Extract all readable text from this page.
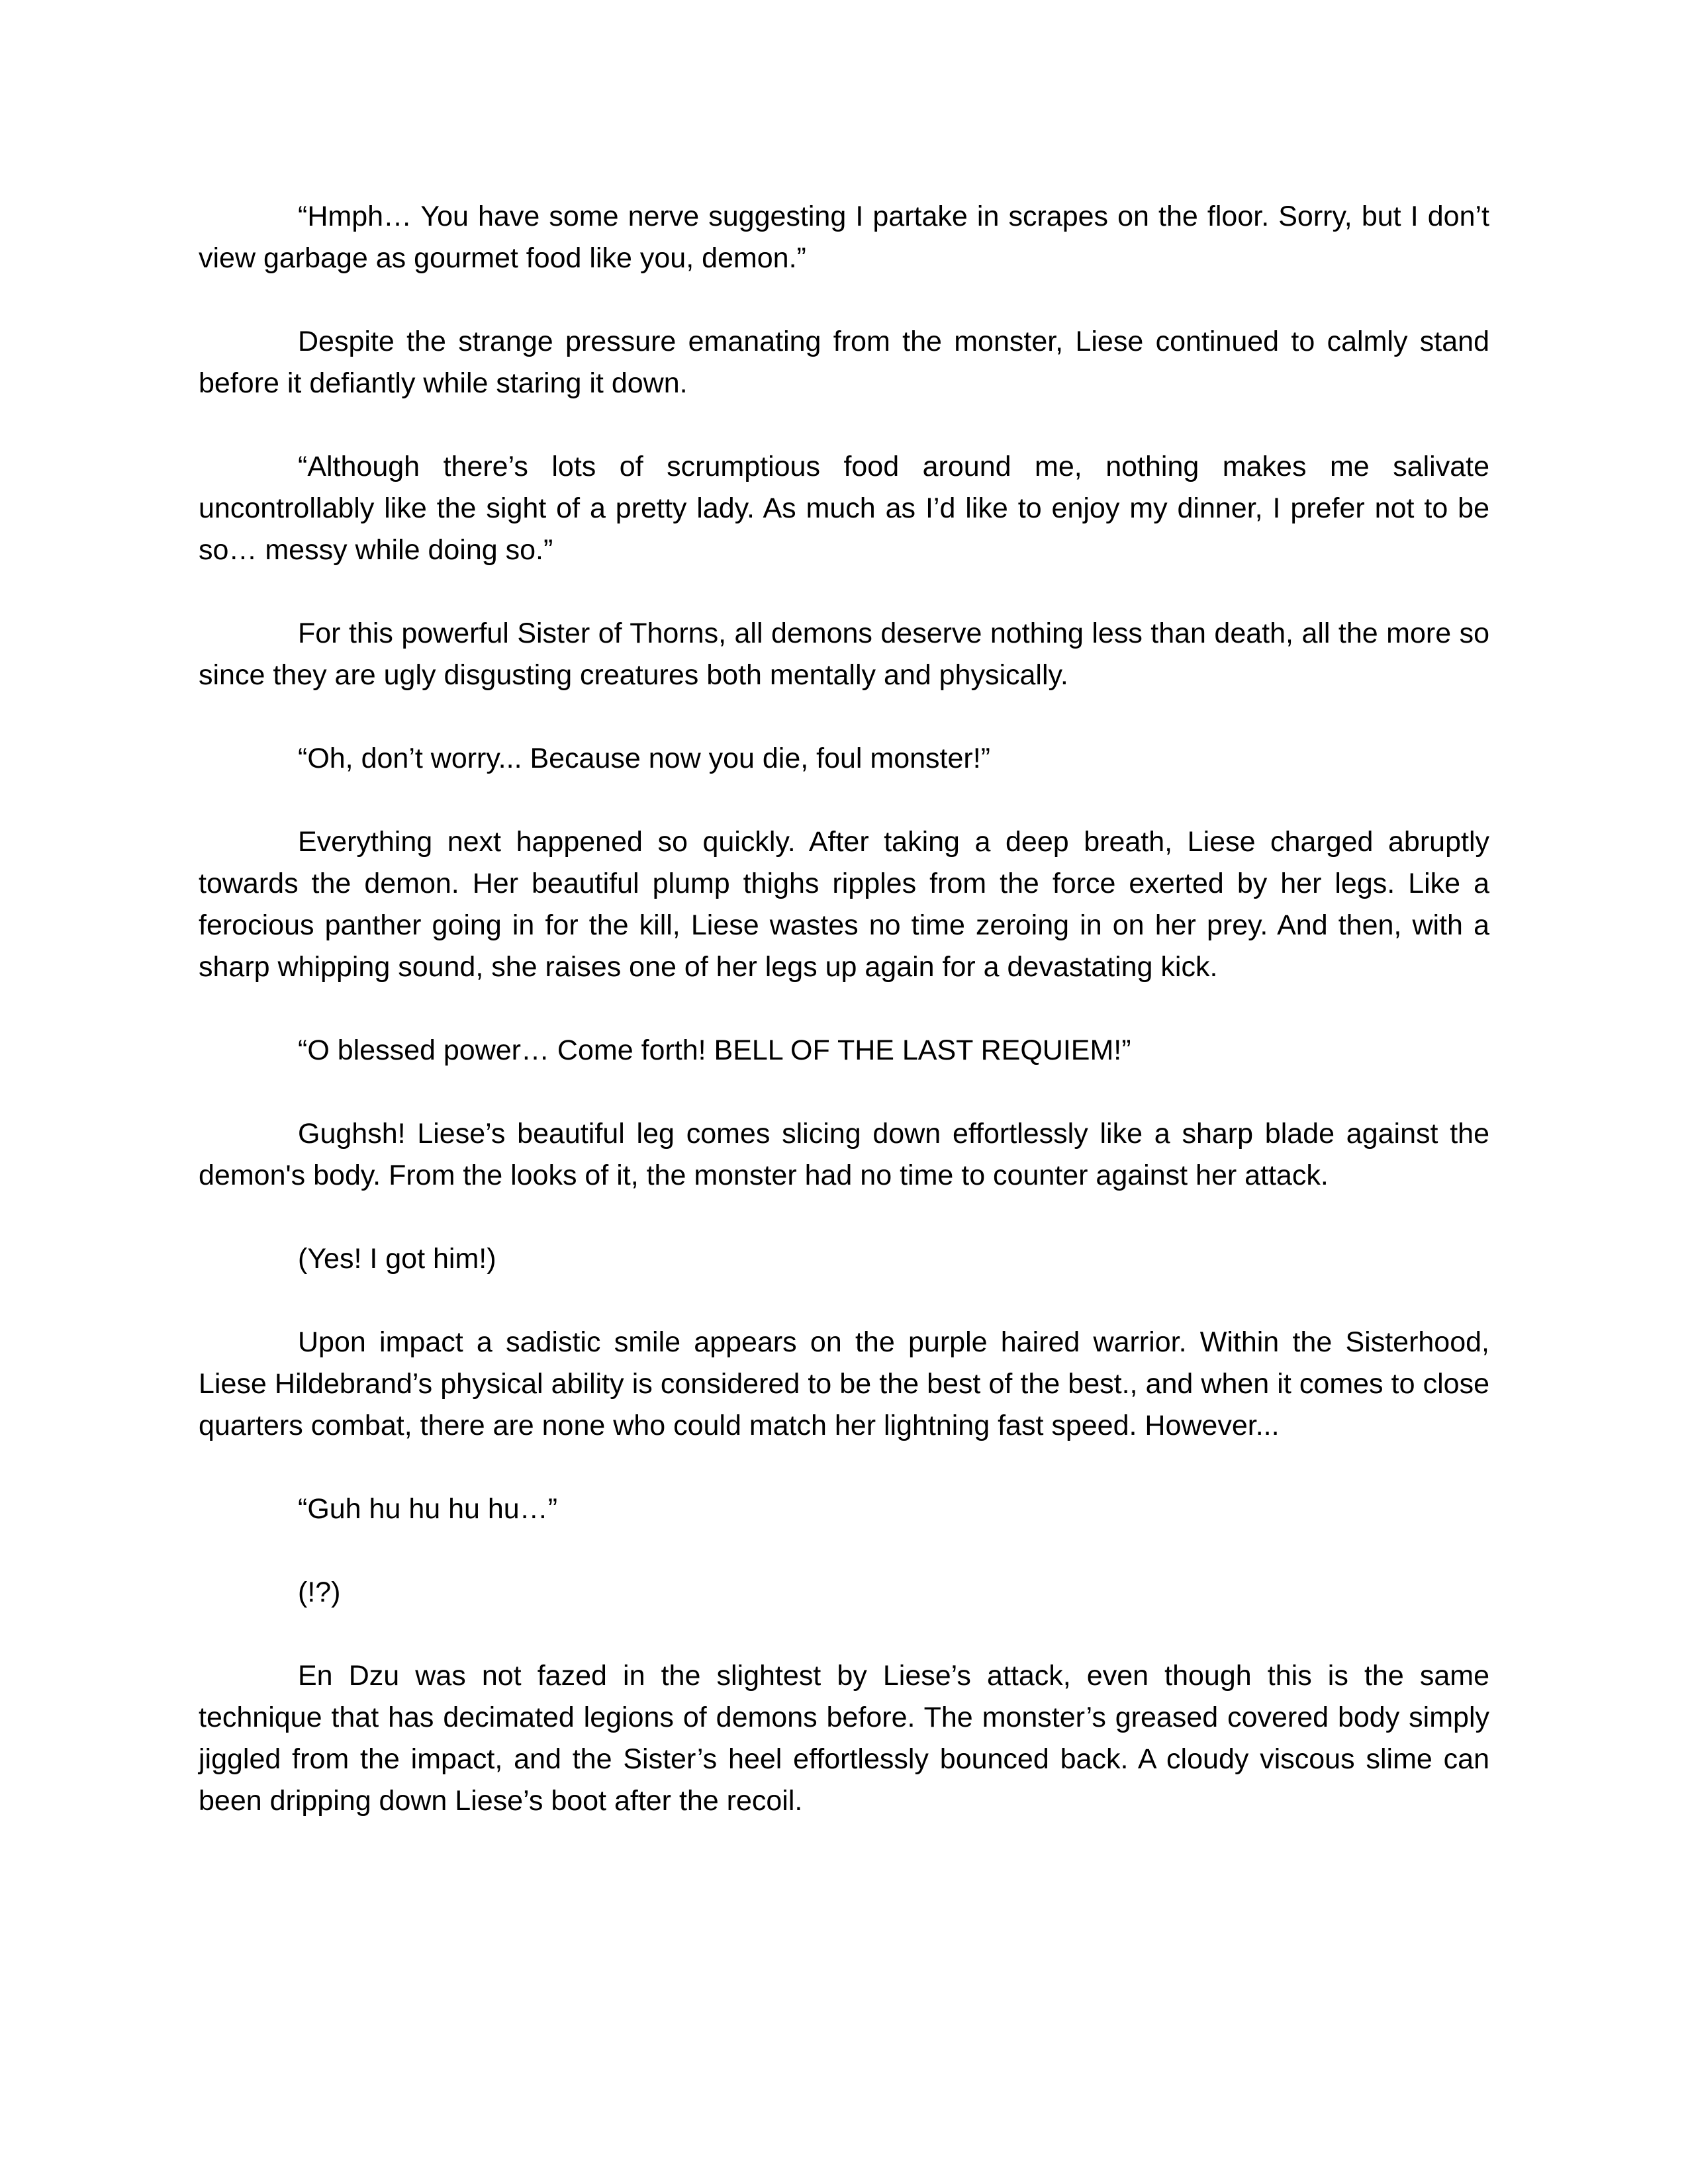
“Hmph… You have some nerve suggesting I partake in scrapes on the floor. Sorry, but I don’t view garbage as gourmet food like you, demon.”

Despite the strange pressure emanating from the monster, Liese continued to calmly stand before it defiantly while staring it down.

“Although there’s lots of scrumptious food around me, nothing makes me salivate uncontrollably like the sight of a pretty lady. As much as I’d like to enjoy my dinner, I prefer not to be so… messy while doing so.”

For this powerful Sister of Thorns, all demons deserve nothing less than death, all the more so since they are ugly disgusting creatures both mentally and physically.

“Oh, don’t worry... Because now you die, foul monster!”

Everything next happened so quickly. After taking a deep breath, Liese charged abruptly towards the demon. Her beautiful plump thighs ripples from the force exerted by her legs. Like a ferocious panther going in for the kill, Liese wastes no time zeroing in on her prey. And then, with a sharp whipping sound, she raises one of her legs up again for a devastating kick.

“O blessed power… Come forth! BELL OF THE LAST REQUIEM!”

Gughsh! Liese’s beautiful leg comes slicing down effortlessly like a sharp blade against the demon's body. From the looks of it, the monster had no time to counter against her attack.

(Yes! I got him!)

Upon impact a sadistic smile appears on the purple haired warrior. Within the Sisterhood, Liese Hildebrand’s physical ability is considered to be the best of the best., and when it comes to close quarters combat, there are none who could match her lightning fast speed. However...

“Guh hu hu hu hu…”

(!?)

En Dzu was not fazed in the slightest by Liese’s attack, even though this is the same technique that has decimated legions of demons before. The monster’s greased covered body simply jiggled from the impact, and the Sister’s heel effortlessly bounced back. A cloudy viscous slime can been dripping down Liese’s boot after the recoil.
